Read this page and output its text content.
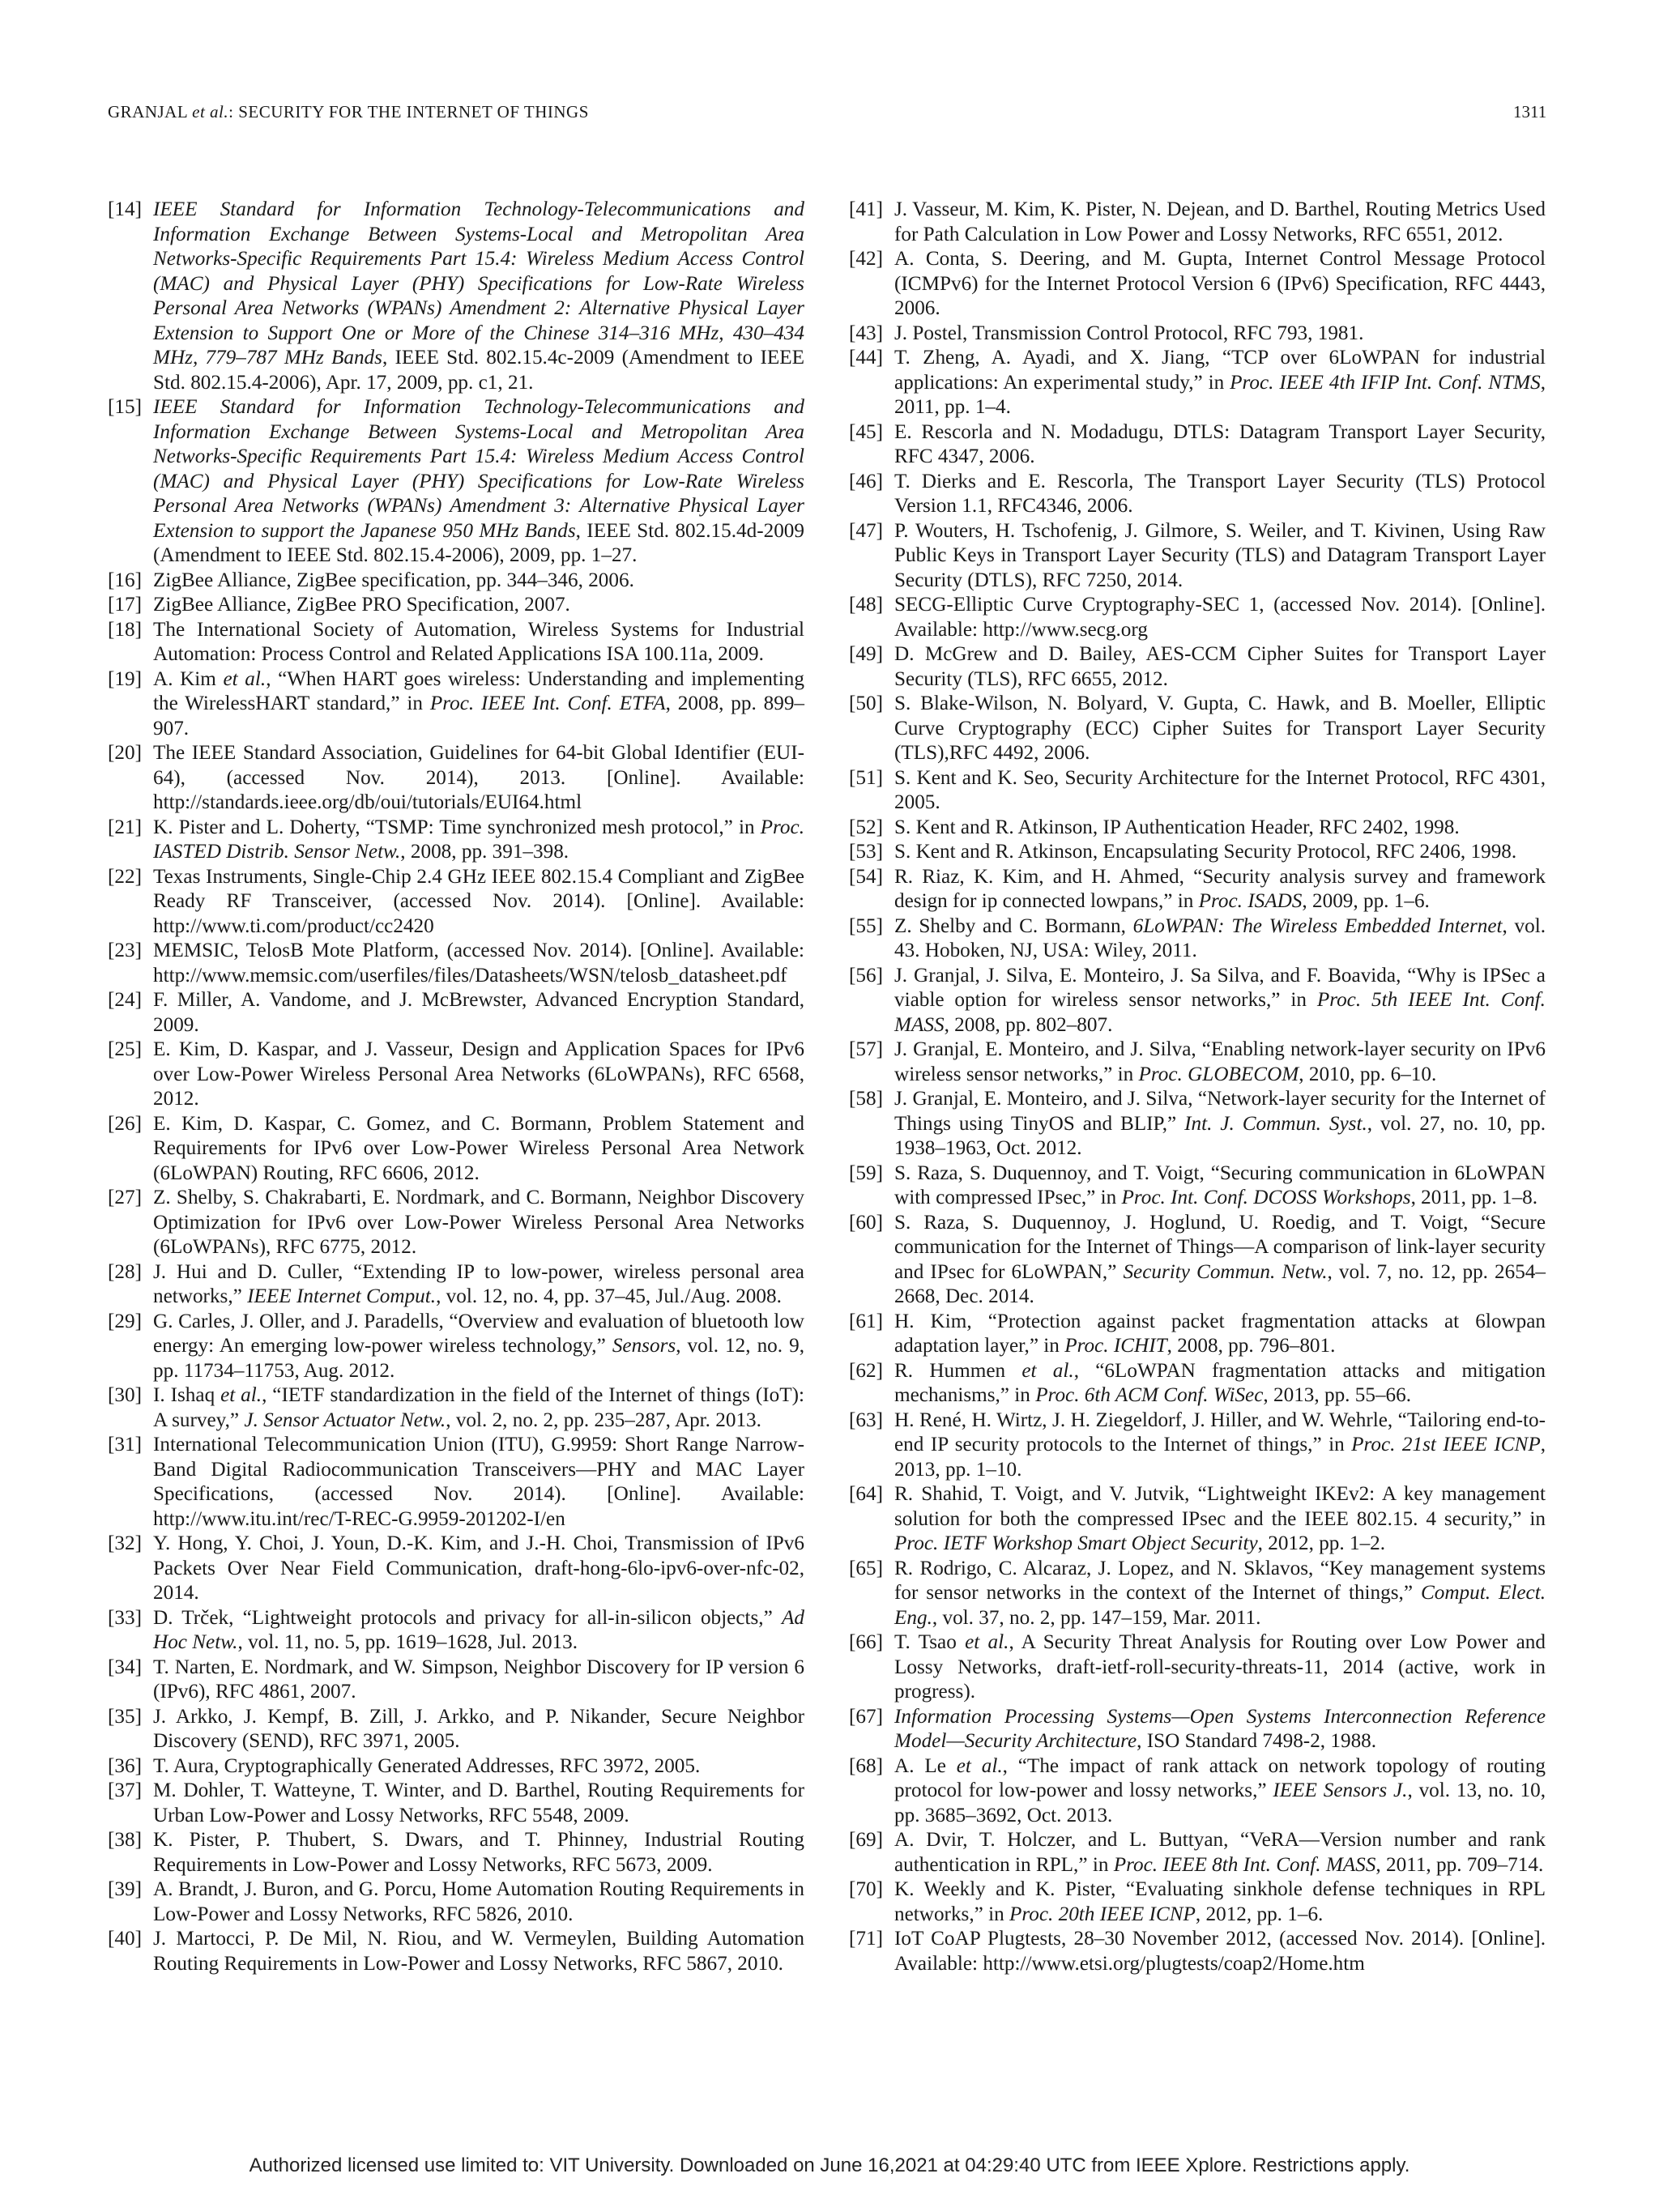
GRANJAL et al.: SECURITY FOR THE INTERNET OF THINGS	1311
[14] IEEE Standard for Information Technology-Telecommunications and Information Exchange Between Systems-Local and Metropolitan Area Networks-Specific Requirements Part 15.4: Wireless Medium Access Control (MAC) and Physical Layer (PHY) Specifications for Low-Rate Wireless Personal Area Networks (WPANs) Amendment 2: Alternative Physical Layer Extension to Support One or More of the Chinese 314–316 MHz, 430–434 MHz, 779–787 MHz Bands, IEEE Std. 802.15.4c-2009 (Amendment to IEEE Std. 802.15.4-2006), Apr. 17, 2009, pp. c1, 21.
[15] IEEE Standard for Information Technology-Telecommunications and Information Exchange Between Systems-Local and Metropolitan Area Networks-Specific Requirements Part 15.4: Wireless Medium Access Control (MAC) and Physical Layer (PHY) Specifications for Low-Rate Wireless Personal Area Networks (WPANs) Amendment 3: Alternative Physical Layer Extension to support the Japanese 950 MHz Bands, IEEE Std. 802.15.4d-2009 (Amendment to IEEE Std. 802.15.4-2006), 2009, pp. 1–27.
[16] ZigBee Alliance, ZigBee specification, pp. 344–346, 2006.
[17] ZigBee Alliance, ZigBee PRO Specification, 2007.
[18] The International Society of Automation, Wireless Systems for Industrial Automation: Process Control and Related Applications ISA 100.11a, 2009.
[19] A. Kim et al., “When HART goes wireless: Understanding and implementing the WirelessHART standard,” in Proc. IEEE Int. Conf. ETFA, 2008, pp. 899–907.
[20] The IEEE Standard Association, Guidelines for 64-bit Global Identifier (EUI-64), (accessed Nov. 2014), 2013. [Online]. Available: http://standards.ieee.org/db/oui/tutorials/EUI64.html
[21] K. Pister and L. Doherty, “TSMP: Time synchronized mesh protocol,” in Proc. IASTED Distrib. Sensor Netw., 2008, pp. 391–398.
[22] Texas Instruments, Single-Chip 2.4 GHz IEEE 802.15.4 Compliant and ZigBee Ready RF Transceiver, (accessed Nov. 2014). [Online]. Available: http://www.ti.com/product/cc2420
[23] MEMSIC, TelosB Mote Platform, (accessed Nov. 2014). [Online]. Available: http://www.memsic.com/userfiles/files/Datasheets/WSN/telosb_datasheet.pdf
[24] F. Miller, A. Vandome, and J. McBrewster, Advanced Encryption Standard, 2009.
[25] E. Kim, D. Kaspar, and J. Vasseur, Design and Application Spaces for IPv6 over Low-Power Wireless Personal Area Networks (6LoWPANs), RFC 6568, 2012.
[26] E. Kim, D. Kaspar, C. Gomez, and C. Bormann, Problem Statement and Requirements for IPv6 over Low-Power Wireless Personal Area Network (6LoWPAN) Routing, RFC 6606, 2012.
[27] Z. Shelby, S. Chakrabarti, E. Nordmark, and C. Bormann, Neighbor Discovery Optimization for IPv6 over Low-Power Wireless Personal Area Networks (6LoWPANs), RFC 6775, 2012.
[28] J. Hui and D. Culler, “Extending IP to low-power, wireless personal area networks,” IEEE Internet Comput., vol. 12, no. 4, pp. 37–45, Jul./Aug. 2008.
[29] G. Carles, J. Oller, and J. Paradells, “Overview and evaluation of bluetooth low energy: An emerging low-power wireless technology,” Sensors, vol. 12, no. 9, pp. 11734–11753, Aug. 2012.
[30] I. Ishaq et al., “IETF standardization in the field of the Internet of things (IoT): A survey,” J. Sensor Actuator Netw., vol. 2, no. 2, pp. 235–287, Apr. 2013.
[31] International Telecommunication Union (ITU), G.9959: Short Range Narrow-Band Digital Radiocommunication Transceivers—PHY and MAC Layer Specifications, (accessed Nov. 2014). [Online]. Available: http://www.itu.int/rec/T-REC-G.9959-201202-I/en
[32] Y. Hong, Y. Choi, J. Youn, D.-K. Kim, and J.-H. Choi, Transmission of IPv6 Packets Over Near Field Communication, draft-hong-6lo-ipv6-over-nfc-02, 2014.
[33] D. Trček, “Lightweight protocols and privacy for all-in-silicon objects,” Ad Hoc Netw., vol. 11, no. 5, pp. 1619–1628, Jul. 2013.
[34] T. Narten, E. Nordmark, and W. Simpson, Neighbor Discovery for IP version 6 (IPv6), RFC 4861, 2007.
[35] J. Arkko, J. Kempf, B. Zill, J. Arkko, and P. Nikander, Secure Neighbor Discovery (SEND), RFC 3971, 2005.
[36] T. Aura, Cryptographically Generated Addresses, RFC 3972, 2005.
[37] M. Dohler, T. Watteyne, T. Winter, and D. Barthel, Routing Requirements for Urban Low-Power and Lossy Networks, RFC 5548, 2009.
[38] K. Pister, P. Thubert, S. Dwars, and T. Phinney, Industrial Routing Requirements in Low-Power and Lossy Networks, RFC 5673, 2009.
[39] A. Brandt, J. Buron, and G. Porcu, Home Automation Routing Requirements in Low-Power and Lossy Networks, RFC 5826, 2010.
[40] J. Martocci, P. De Mil, N. Riou, and W. Vermeylen, Building Automation Routing Requirements in Low-Power and Lossy Networks, RFC 5867, 2010.
[41] J. Vasseur, M. Kim, K. Pister, N. Dejean, and D. Barthel, Routing Metrics Used for Path Calculation in Low Power and Lossy Networks, RFC 6551, 2012.
[42] A. Conta, S. Deering, and M. Gupta, Internet Control Message Protocol (ICMPv6) for the Internet Protocol Version 6 (IPv6) Specification, RFC 4443, 2006.
[43] J. Postel, Transmission Control Protocol, RFC 793, 1981.
[44] T. Zheng, A. Ayadi, and X. Jiang, “TCP over 6LoWPAN for industrial applications: An experimental study,” in Proc. IEEE 4th IFIP Int. Conf. NTMS, 2011, pp. 1–4.
[45] E. Rescorla and N. Modadugu, DTLS: Datagram Transport Layer Security, RFC 4347, 2006.
[46] T. Dierks and E. Rescorla, The Transport Layer Security (TLS) Protocol Version 1.1, RFC4346, 2006.
[47] P. Wouters, H. Tschofenig, J. Gilmore, S. Weiler, and T. Kivinen, Using Raw Public Keys in Transport Layer Security (TLS) and Datagram Transport Layer Security (DTLS), RFC 7250, 2014.
[48] SECG-Elliptic Curve Cryptography-SEC 1, (accessed Nov. 2014). [Online]. Available: http://www.secg.org
[49] D. McGrew and D. Bailey, AES-CCM Cipher Suites for Transport Layer Security (TLS), RFC 6655, 2012.
[50] S. Blake-Wilson, N. Bolyard, V. Gupta, C. Hawk, and B. Moeller, Elliptic Curve Cryptography (ECC) Cipher Suites for Transport Layer Security (TLS),RFC 4492, 2006.
[51] S. Kent and K. Seo, Security Architecture for the Internet Protocol, RFC 4301, 2005.
[52] S. Kent and R. Atkinson, IP Authentication Header, RFC 2402, 1998.
[53] S. Kent and R. Atkinson, Encapsulating Security Protocol, RFC 2406, 1998.
[54] R. Riaz, K. Kim, and H. Ahmed, “Security analysis survey and framework design for ip connected lowpans,” in Proc. ISADS, 2009, pp. 1–6.
[55] Z. Shelby and C. Bormann, 6LoWPAN: The Wireless Embedded Internet, vol. 43. Hoboken, NJ, USA: Wiley, 2011.
[56] J. Granjal, J. Silva, E. Monteiro, J. Sa Silva, and F. Boavida, “Why is IPSec a viable option for wireless sensor networks,” in Proc. 5th IEEE Int. Conf. MASS, 2008, pp. 802–807.
[57] J. Granjal, E. Monteiro, and J. Silva, “Enabling network-layer security on IPv6 wireless sensor networks,” in Proc. GLOBECOM, 2010, pp. 6–10.
[58] J. Granjal, E. Monteiro, and J. Silva, “Network-layer security for the Internet of Things using TinyOS and BLIP,” Int. J. Commun. Syst., vol. 27, no. 10, pp. 1938–1963, Oct. 2012.
[59] S. Raza, S. Duquennoy, and T. Voigt, “Securing communication in 6LoWPAN with compressed IPsec,” in Proc. Int. Conf. DCOSS Workshops, 2011, pp. 1–8.
[60] S. Raza, S. Duquennoy, J. Hoglund, U. Roedig, and T. Voigt, “Secure communication for the Internet of Things—A comparison of link-layer security and IPsec for 6LoWPAN,” Security Commun. Netw., vol. 7, no. 12, pp. 2654–2668, Dec. 2014.
[61] H. Kim, “Protection against packet fragmentation attacks at 6lowpan adaptation layer,” in Proc. ICHIT, 2008, pp. 796–801.
[62] R. Hummen et al., “6LoWPAN fragmentation attacks and mitigation mechanisms,” in Proc. 6th ACM Conf. WiSec, 2013, pp. 55–66.
[63] H. René, H. Wirtz, J. H. Ziegeldorf, J. Hiller, and W. Wehrle, “Tailoring end-to-end IP security protocols to the Internet of things,” in Proc. 21st IEEE ICNP, 2013, pp. 1–10.
[64] R. Shahid, T. Voigt, and V. Jutvik, “Lightweight IKEv2: A key management solution for both the compressed IPsec and the IEEE 802.15. 4 security,” in Proc. IETF Workshop Smart Object Security, 2012, pp. 1–2.
[65] R. Rodrigo, C. Alcaraz, J. Lopez, and N. Sklavos, “Key management systems for sensor networks in the context of the Internet of things,” Comput. Elect. Eng., vol. 37, no. 2, pp. 147–159, Mar. 2011.
[66] T. Tsao et al., A Security Threat Analysis for Routing over Low Power and Lossy Networks, draft-ietf-roll-security-threats-11, 2014 (active, work in progress).
[67] Information Processing Systems—Open Systems Interconnection Reference Model—Security Architecture, ISO Standard 7498-2, 1988.
[68] A. Le et al., “The impact of rank attack on network topology of routing protocol for low-power and lossy networks,” IEEE Sensors J., vol. 13, no. 10, pp. 3685–3692, Oct. 2013.
[69] A. Dvir, T. Holczer, and L. Buttyan, “VeRA—Version number and rank authentication in RPL,” in Proc. IEEE 8th Int. Conf. MASS, 2011, pp. 709–714.
[70] K. Weekly and K. Pister, “Evaluating sinkhole defense techniques in RPL networks,” in Proc. 20th IEEE ICNP, 2012, pp. 1–6.
[71] IoT CoAP Plugtests, 28–30 November 2012, (accessed Nov. 2014). [Online]. Available: http://www.etsi.org/plugtests/coap2/Home.htm
Authorized licensed use limited to: VIT University. Downloaded on June 16,2021 at 04:29:40 UTC from IEEE Xplore. Restrictions apply.
